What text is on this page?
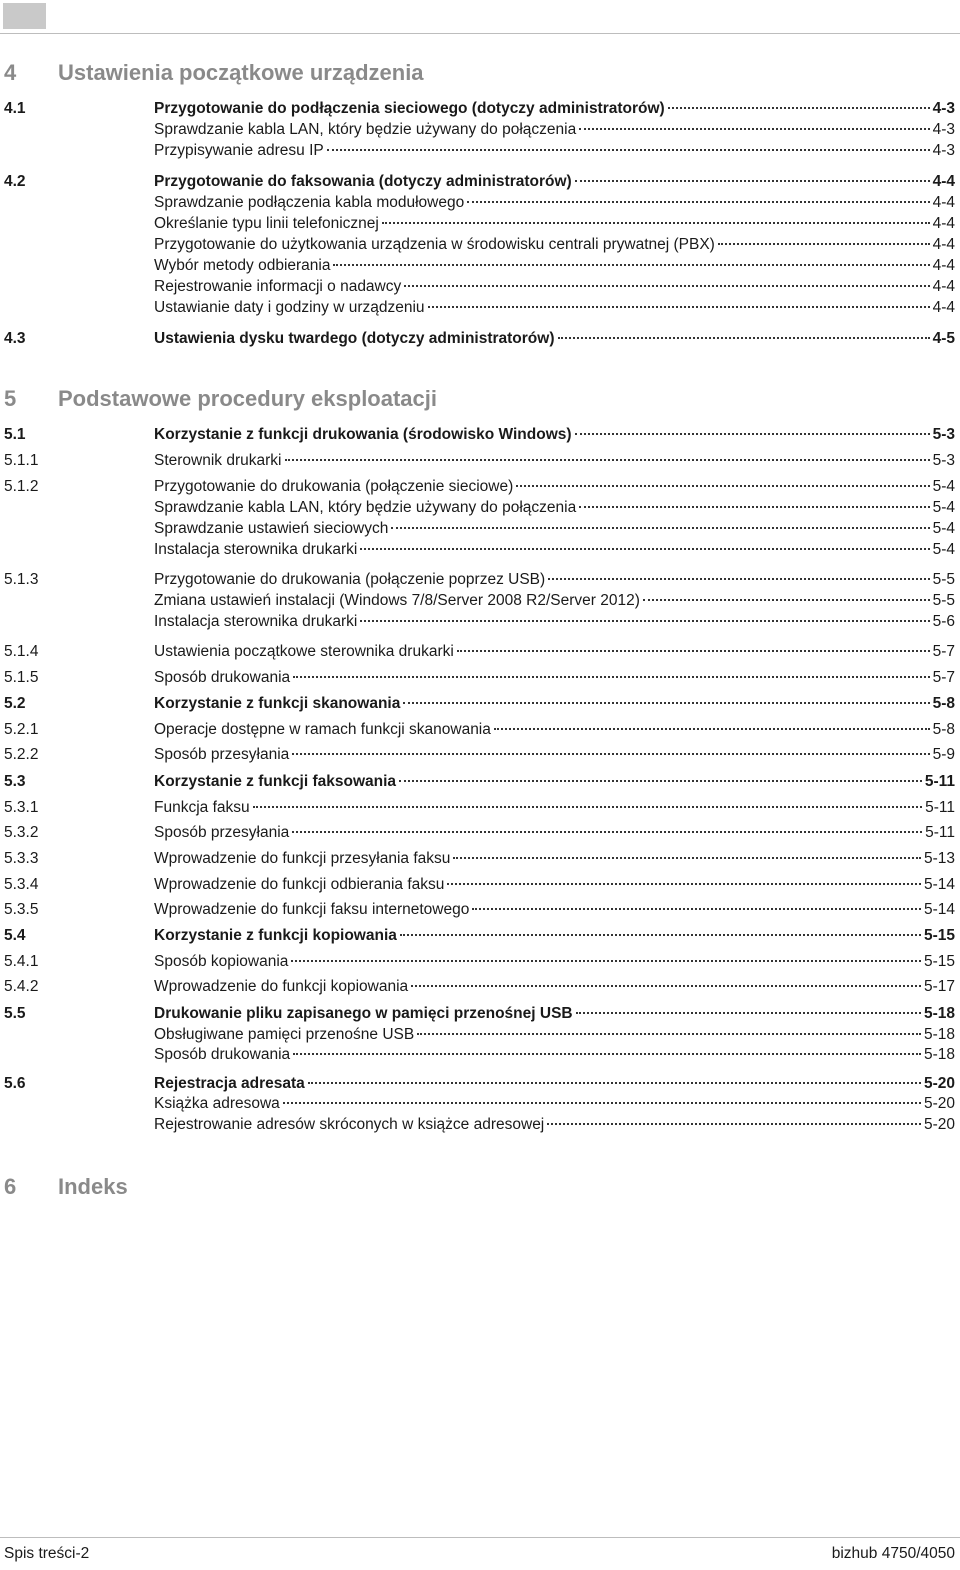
4 Ustawienia początkowe urządzenia
4.1	Przygotowanie do podłączenia sieciowego (dotyczy administratorów)	4-3
Sprawdzanie kabla LAN, który będzie używany do połączenia	4-3
Przypisywanie adresu IP	4-3
4.2	Przygotowanie do faksowania (dotyczy administratorów)	4-4
Sprawdzanie podłączenia kabla modułowego	4-4
Określanie typu linii telefonicznej	4-4
Przygotowanie do użytkowania urządzenia w środowisku centrali prywatnej (PBX)	4-4
Wybór metody odbierania	4-4
Rejestrowanie informacji o nadawcy	4-4
Ustawianie daty i godziny w urządzeniu	4-4
4.3	Ustawienia dysku twardego (dotyczy administratorów)	4-5
5 Podstawowe procedury eksploatacji
5.1	Korzystanie z funkcji drukowania (środowisko Windows)	5-3
5.1.1	Sterownik drukarki	5-3
5.1.2	Przygotowanie do drukowania (połączenie sieciowe)	5-4
Sprawdzanie kabla LAN, który będzie używany do połączenia	5-4
Sprawdzanie ustawień sieciowych	5-4
Instalacja sterownika drukarki	5-4
5.1.3	Przygotowanie do drukowania (połączenie poprzez USB)	5-5
Zmiana ustawień instalacji (Windows 7/8/Server 2008 R2/Server 2012)	5-5
Instalacja sterownika drukarki	5-6
5.1.4	Ustawienia początkowe sterownika drukarki	5-7
5.1.5	Sposób drukowania	5-7
5.2	Korzystanie z funkcji skanowania	5-8
5.2.1	Operacje dostępne w ramach funkcji skanowania	5-8
5.2.2	Sposób przesyłania	5-9
5.3	Korzystanie z funkcji faksowania	5-11
5.3.1	Funkcja faksu	5-11
5.3.2	Sposób przesyłania	5-11
5.3.3	Wprowadzenie do funkcji przesyłania faksu	5-13
5.3.4	Wprowadzenie do funkcji odbierania faksu	5-14
5.3.5	Wprowadzenie do funkcji faksu internetowego	5-14
5.4	Korzystanie z funkcji kopiowania	5-15
5.4.1	Sposób kopiowania	5-15
5.4.2	Wprowadzenie do funkcji kopiowania	5-17
5.5	Drukowanie pliku zapisanego w pamięci przenośnej USB	5-18
Obsługiwane pamięci przenośne USB	5-18
Sposób drukowania	5-18
5.6	Rejestracja adresata	5-20
Książka adresowa	5-20
Rejestrowanie adresów skróconych w książce adresowej	5-20
6 Indeks
Spis treści-2	bizhub 4750/4050
